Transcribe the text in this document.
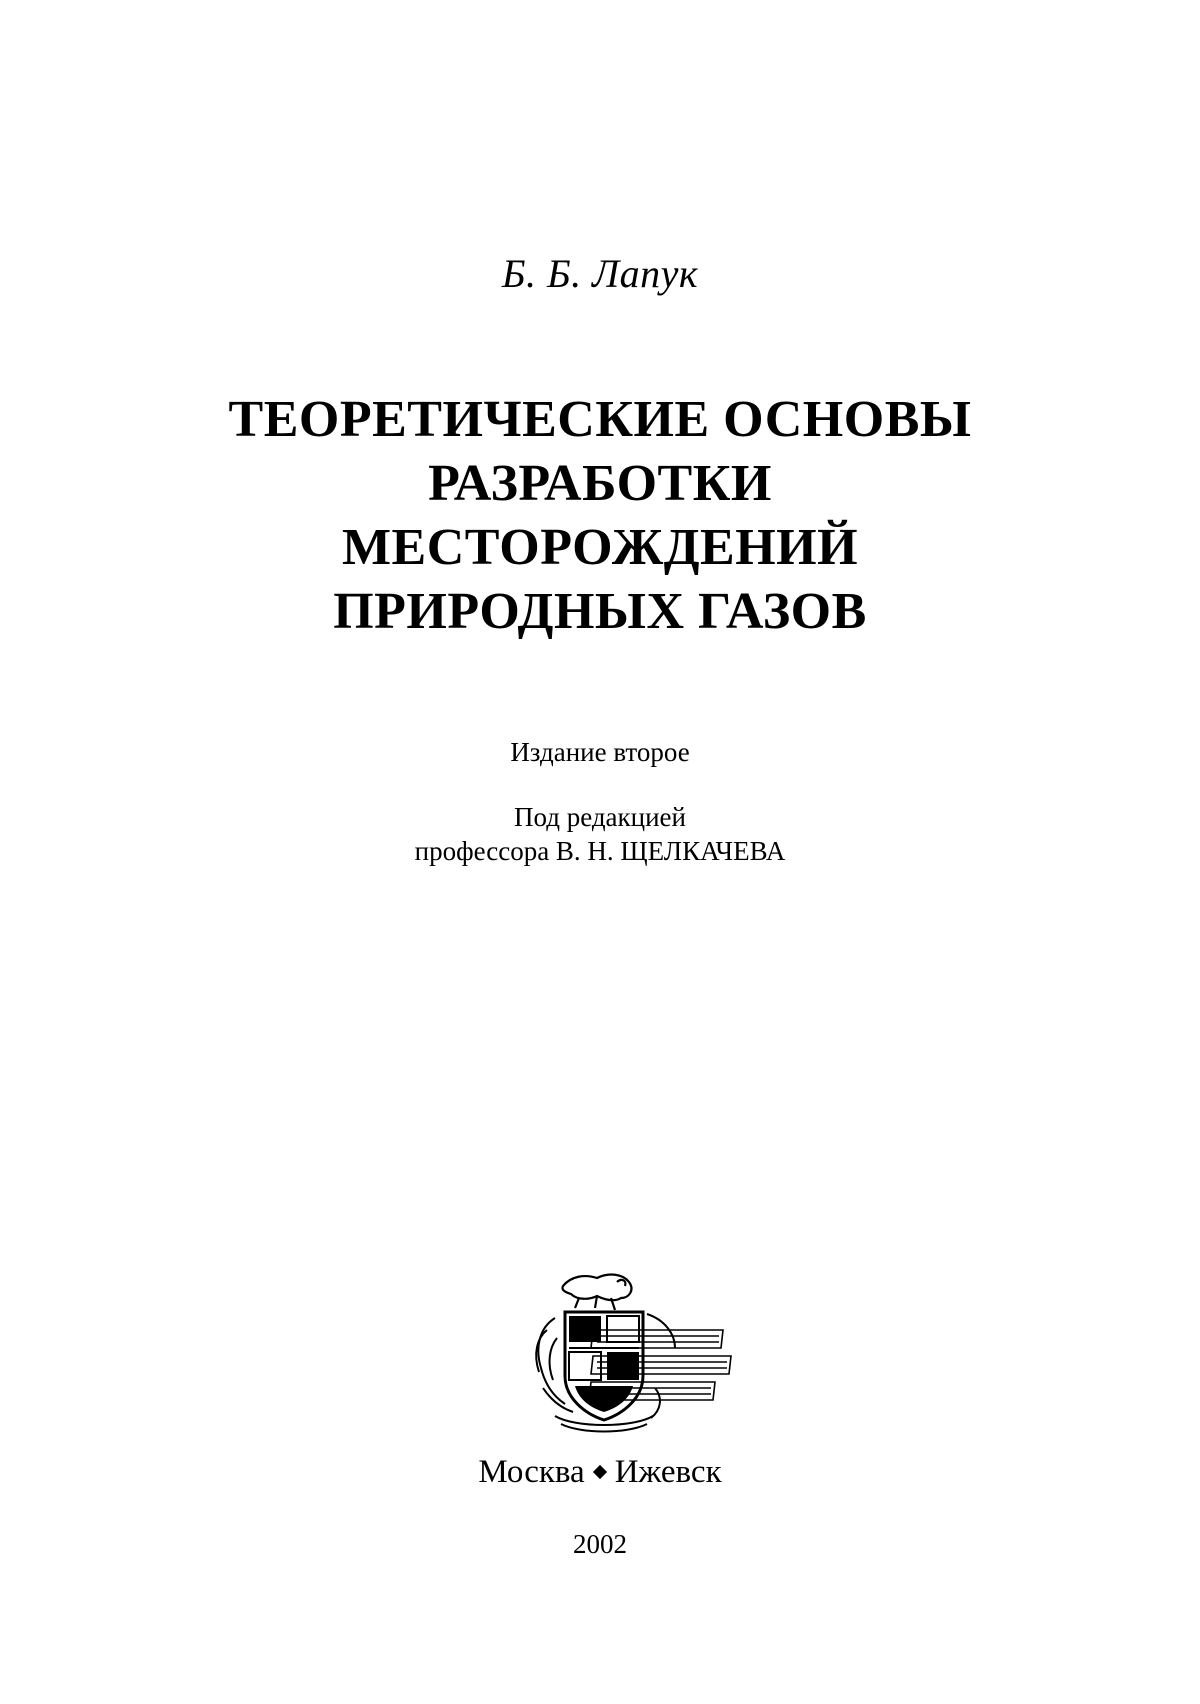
Б. Б. Лапук
ТЕОРЕТИЧЕСКИЕ ОСНОВЫ
РАЗРАБОТКИ
МЕСТОРОЖДЕНИЙ
ПРИРОДНЫХ ГАЗОВ
Издание второе
Под редакцией
профессора В. Н. ЩЕЛКАЧЕВА
Москва Ижевск
2002
